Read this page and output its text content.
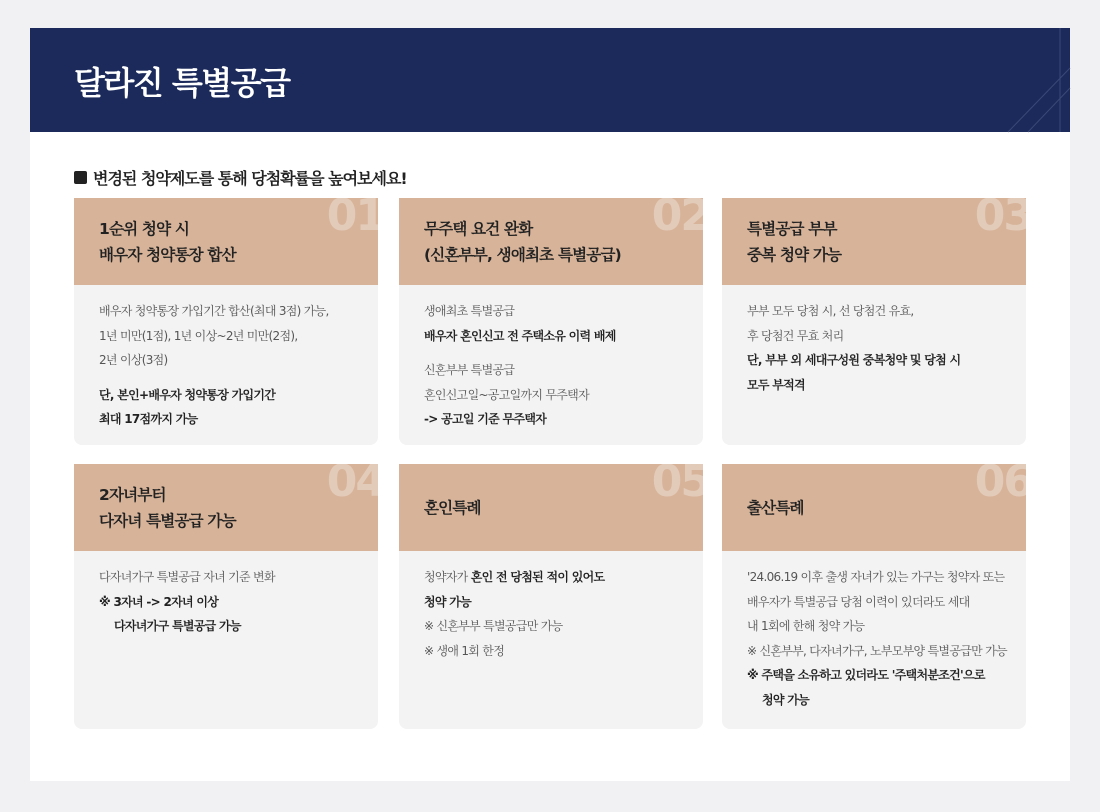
달라진 특별공급
변경된 청약제도를 통해 당첨확률을 높여보세요!
01
1순위 청약 시
배우자 청약통장 합산
배우자 청약통장 가입기간 합산(최대 3점) 가능,
1년 미만(1점), 1년 이상~2년 미만(2점),
2년 이상(3점)
단, 본인+배우자 청약통장 가입기간
최대 17점까지 가능
02
무주택 요건 완화
(신혼부부, 생애최초 특별공급)
생애최초 특별공급
배우자 혼인신고 전 주택소유 이력 배제
신혼부부 특별공급
혼인신고일~공고일까지 무주택자
-> 공고일 기준 무주택자
03
특별공급 부부
중복 청약 가능
부부 모두 당첨 시, 선 당첨건 유효,
후 당첨건 무효 처리
단, 부부 외 세대구성원 중복청약 및 당첨 시
모두 부적격
04
2자녀부터
다자녀 특별공급 가능
다자녀가구 특별공급 자녀 기준 변화
※ 3자녀 -> 2자녀 이상
다자녀가구 특별공급 가능
05
혼인특례
청약자가 혼인 전 당첨된 적이 있어도
청약 가능
※ 신혼부부 특별공급만 가능
※ 생애 1회 한정
06
출산특례
'24.06.19 이후 출생 자녀가 있는 가구는 청약자 또는
배우자가 특별공급 당첨 이력이 있더라도 세대
내 1회에 한해 청약 가능
※ 신혼부부, 다자녀가구, 노부모부양 특별공급만 가능
※ 주택을 소유하고 있더라도 '주택처분조건'으로
청약 가능
